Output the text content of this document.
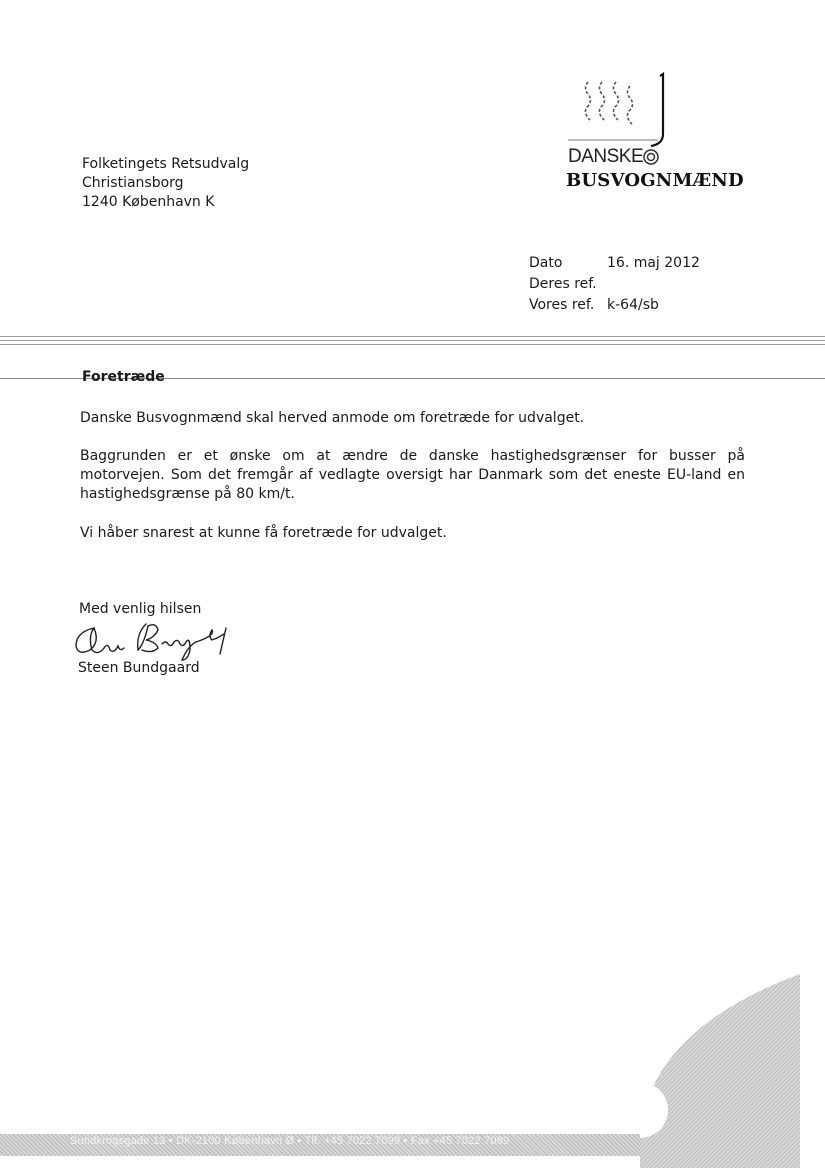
Folketingets Retsudvalg
Christiansborg
1240 København K
DANSKE
BUSVOGNMÆND
Dato	16. maj 2012
Deres ref.
Vores ref. k-64/sb
Foretræde
Danske Busvognmænd skal herved anmode om foretræde for udvalget.
Baggrunden er et ønske om at ændre de danske hastighedsgrænser for busser på motorvejen. Som det fremgår af vedlagte oversigt har Danmark som det eneste EU-land en hastighedsgrænse på 80 km/t.
Vi håber snarest at kunne få foretræde for udvalget.
Med venlig hilsen
Steen Bundgaard
Sundkrogsgade 13 • DK-2100 København Ø • Tlf. +45 7022 7099 • Fax +45 7022 7099
